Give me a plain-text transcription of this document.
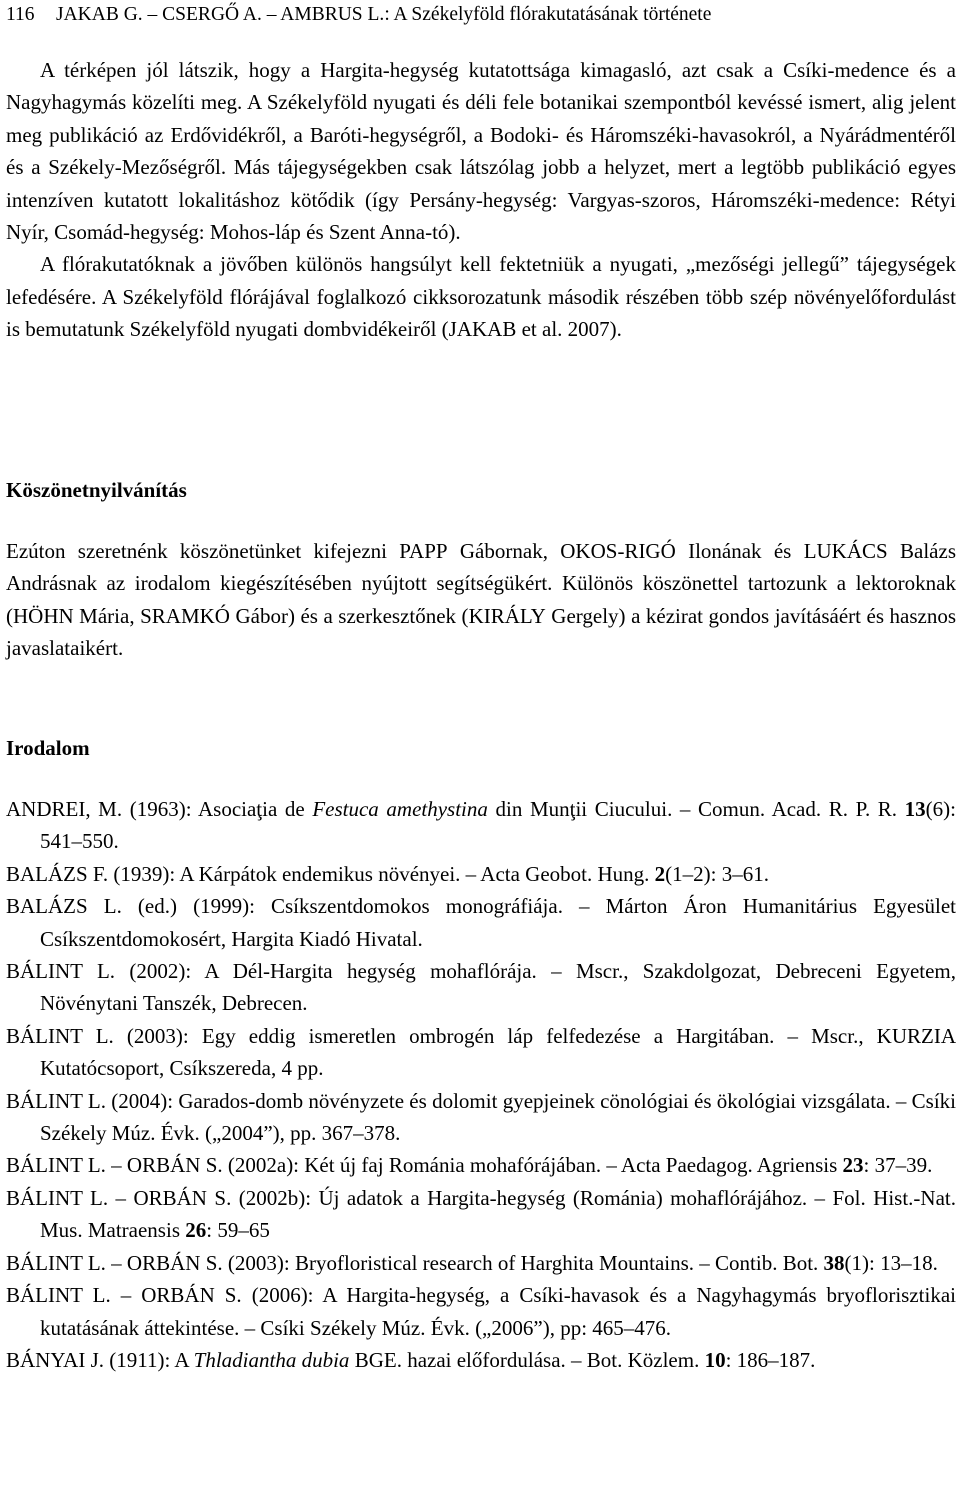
116 JAKAB G. – CSERGŐ A. – AMBRUS L.: A Székelyföld flórakutatásának története

A térképen jól látszik, hogy a Hargita-hegység kutatottsága kimagasló, azt csak a Csíki-medence és a Nagyhagymás közelíti meg. A Székelyföld nyugati és déli fele botanikai szempontból kevéssé ismert, alig jelent meg publikáció az Erdővidékről, a Baróti-hegységről, a Bodoki- és Háromszéki-havasokról, a Nyárádmentéről és a Székely-Mezőségről. Más tájegységekben csak látszólag jobb a helyzet, mert a legtöbb publikáció egyes intenzíven kutatott lokalitáshoz kötődik (így Persány-hegység: Vargyas-szoros, Háromszéki-medence: Rétyi Nyír, Csomád-hegység: Mohos-láp és Szent Anna-tó).

A flórakutatóknak a jövőben különös hangsúlyt kell fektetniük a nyugati, „mezőségi jellegű” tájegységek lefedésére. A Székelyföld flórájával foglalkozó cikksorozatunk második részében több szép növényelőfordulást is bemutatunk Székelyföld nyugati dombvidékeiről (JAKAB et al. 2007).

Köszönetnyilvánítás

Ezúton szeretnénk köszönetünket kifejezni PAPP Gábornak, OKOS-RIGÓ Ilonának és LUKÁCS Balázs Andrásnak az irodalom kiegészítésében nyújtott segítségükért. Különös köszönettel tartozunk a lektoroknak (HÖHN Mária, SRAMKÓ Gábor) és a szerkesztőnek (KIRÁLY Gergely) a kézirat gondos javításáért és hasznos javaslataikért.

Irodalom

ANDREI, M. (1963): Asociaţia de Festuca amethystina din Munţii Ciucului. – Comun. Acad. R. P. R. 13(6): 541–550.

BALÁZS F. (1939): A Kárpátok endemikus növényei. – Acta Geobot. Hung. 2(1–2): 3–61.

BALÁZS L. (ed.) (1999): Csíkszentdomokos monográfiája. – Márton Áron Humanitárius Egyesület Csíkszentdomokosért, Hargita Kiadó Hivatal.

BÁLINT L. (2002): A Dél-Hargita hegység mohaflórája. – Mscr., Szakdolgozat, Debreceni Egyetem, Növénytani Tanszék, Debrecen.

BÁLINT L. (2003): Egy eddig ismeretlen ombrogén láp felfedezése a Hargitában. – Mscr., KURZIA Kutatócsoport, Csíkszereda, 4 pp.

BÁLINT L. (2004): Garados-domb növényzete és dolomit gyepjeinek cönológiai és ökológiai vizsgálata. – Csíki Székely Múz. Évk. („2004”), pp. 367–378.

BÁLINT L. – ORBÁN S. (2002a): Két új faj Románia mohafórájában. – Acta Paedagog. Agriensis 23: 37–39.

BÁLINT L. – ORBÁN S. (2002b): Új adatok a Hargita-hegység (Románia) mohaflórájához. – Fol. Hist.-Nat. Mus. Matraensis 26: 59–65

BÁLINT L. – ORBÁN S. (2003): Bryofloristical research of Harghita Mountains. – Contib. Bot. 38(1): 13–18.

BÁLINT L. – ORBÁN S. (2006): A Hargita-hegység, a Csíki-havasok és a Nagyhagymás bryoflorisztikai kutatásának áttekintése. – Csíki Székely Múz. Évk. („2006”), pp: 465–476.

BÁNYAI J. (1911): A Thladiantha dubia BGE. hazai előfordulása. – Bot. Közlem. 10: 186–187.
